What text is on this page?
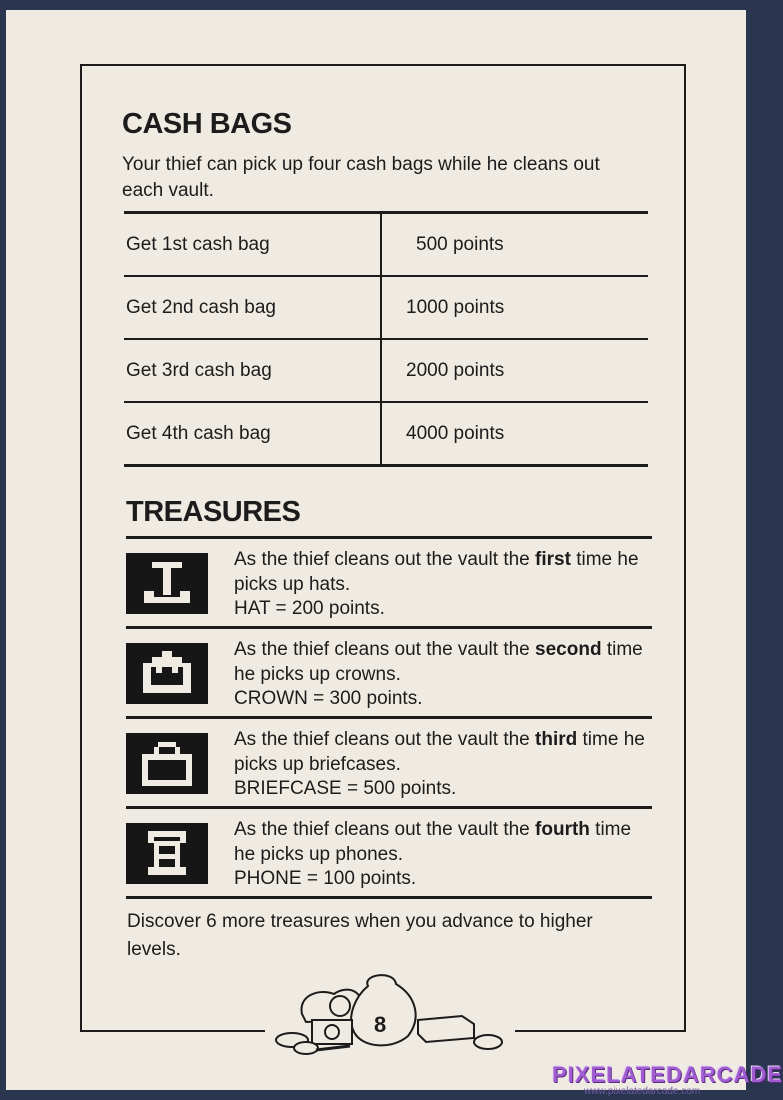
CASH BAGS
Your thief can pick up four cash bags while he cleans out each vault.
Get 1st cash bag	500 points
Get 2nd cash bag	1000 points
Get 3rd cash bag	2000 points
Get 4th cash bag	4000 points
TREASURES
As the thief cleans out the vault the first time he picks up hats.
HAT = 200 points.
As the thief cleans out the vault the second time he picks up crowns.
CROWN = 300 points.
As the thief cleans out the vault the third time he picks up briefcases.
BRIEFCASE = 500 points.
As the thief cleans out the vault the fourth time he picks up phones.
PHONE = 100 points.
Discover 6 more treasures when you advance to higher levels.
8
PIXELATEDARCADE
www.pixelatedarcade.com
